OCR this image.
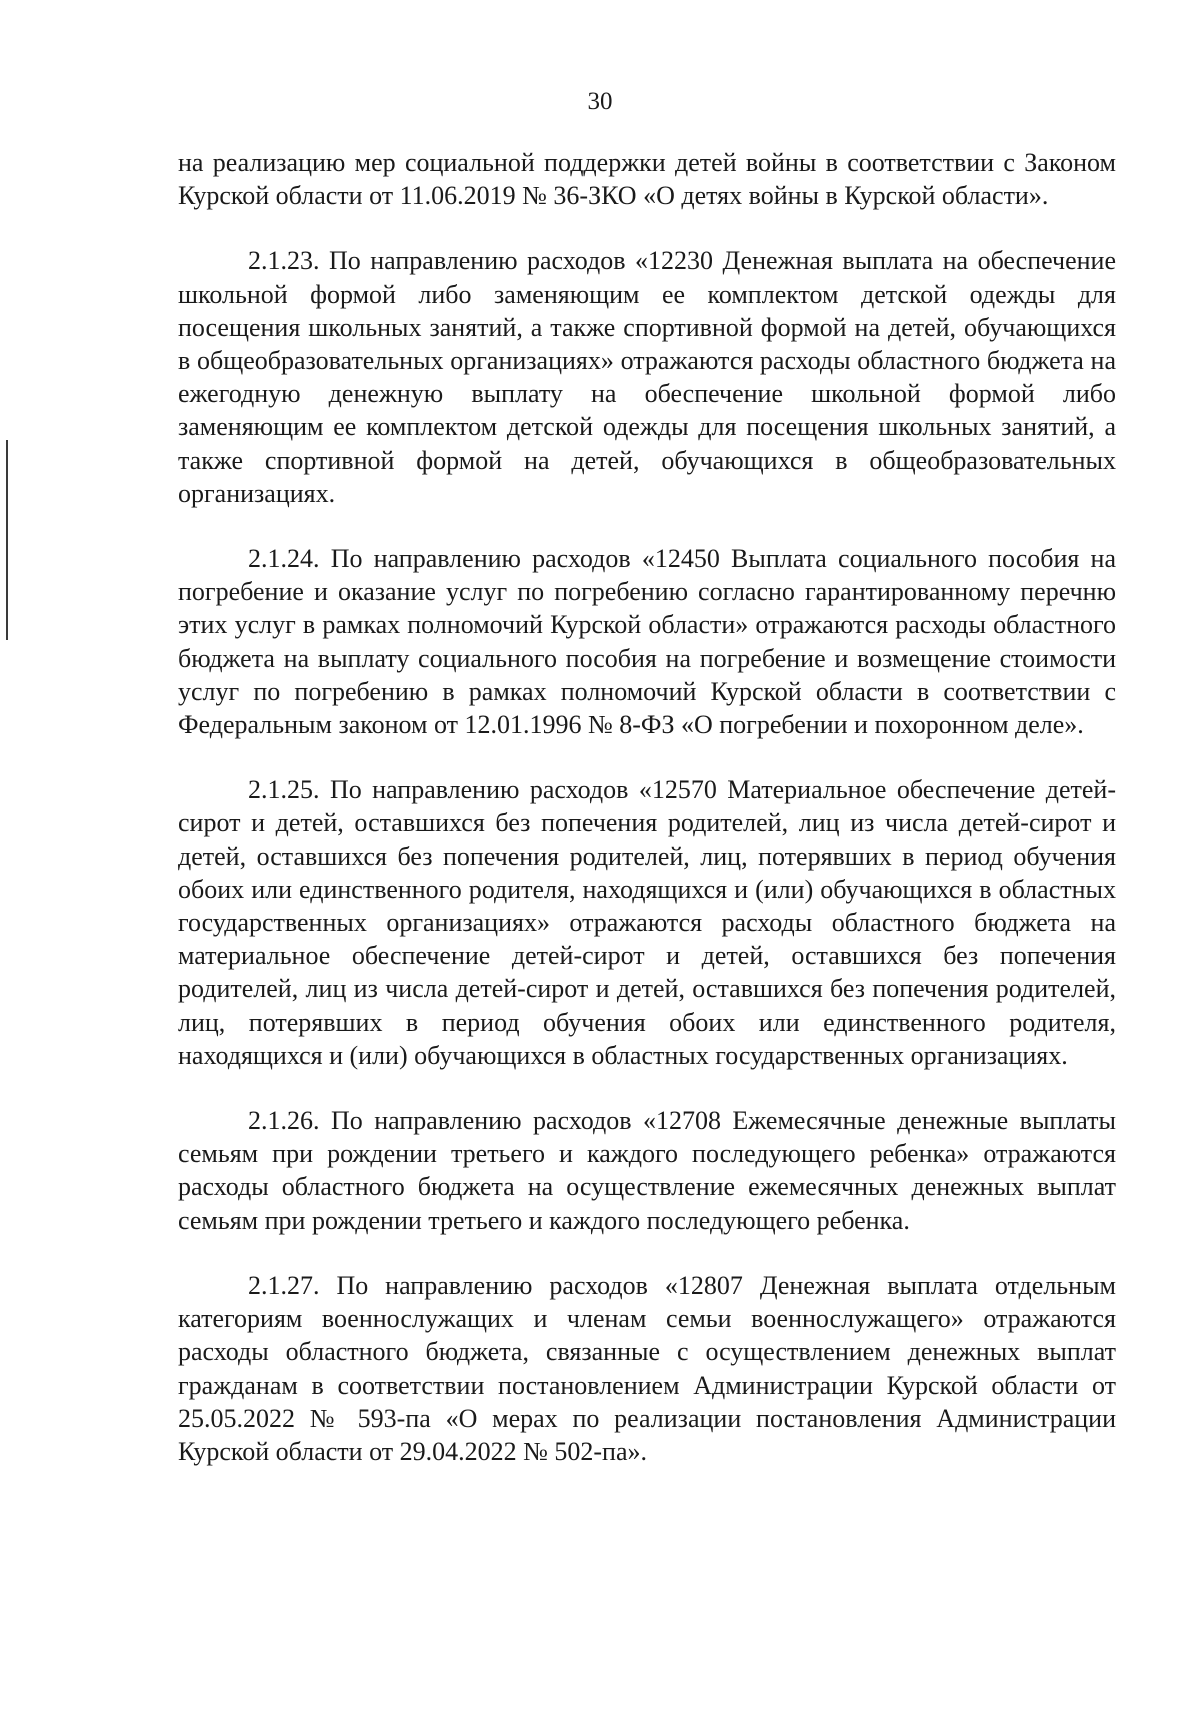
30

на реализацию мер социальной поддержки детей войны в соответствии с Законом Курской области от 11.06.2019 № 36-ЗКО «О детях войны в Курской области».

2.1.23. По направлению расходов «12230 Денежная выплата на обеспечение школьной формой либо заменяющим ее комплектом детской одежды для посещения школьных занятий, а также спортивной формой на детей, обучающихся в общеобразовательных организациях» отражаются расходы областного бюджета на ежегодную денежную выплату на обеспечение школьной формой либо заменяющим ее комплектом детской одежды для посещения школьных занятий, а также спортивной формой на детей, обучающихся в общеобразовательных организациях.

2.1.24. По направлению расходов «12450 Выплата социального пособия на погребение и оказание услуг по погребению согласно гарантированному перечню этих услуг в рамках полномочий Курской области» отражаются расходы областного бюджета на выплату социального пособия на погребение и возмещение стоимости услуг по погребению в рамках полномочий Курской области в соответствии с Федеральным законом от 12.01.1996 № 8-ФЗ «О погребении и похоронном деле».

2.1.25. По направлению расходов «12570 Материальное обеспечение детей-сирот и детей, оставшихся без попечения родителей, лиц из числа детей-сирот и детей, оставшихся без попечения родителей, лиц, потерявших в период обучения обоих или единственного родителя, находящихся и (или) обучающихся в областных государственных организациях» отражаются расходы областного бюджета на материальное обеспечение детей-сирот и детей, оставшихся без попечения родителей, лиц из числа детей-сирот и детей, оставшихся без попечения родителей, лиц, потерявших в период обучения обоих или единственного родителя, находящихся и (или) обучающихся в областных государственных организациях.

2.1.26. По направлению расходов «12708 Ежемесячные денежные выплаты семьям при рождении третьего и каждого последующего ребенка» отражаются расходы областного бюджета на осуществление ежемесячных денежных выплат семьям при рождении третьего и каждого последующего ребенка.

2.1.27. По направлению расходов «12807 Денежная выплата отдельным категориям военнослужащих и членам семьи военнослужащего» отражаются расходы областного бюджета, связанные с осуществлением денежных выплат гражданам в соответствии постановлением Администрации Курской области от 25.05.2022 № 593-па «О мерах по реализации постановления Администрации Курской области от 29.04.2022 № 502-па».
